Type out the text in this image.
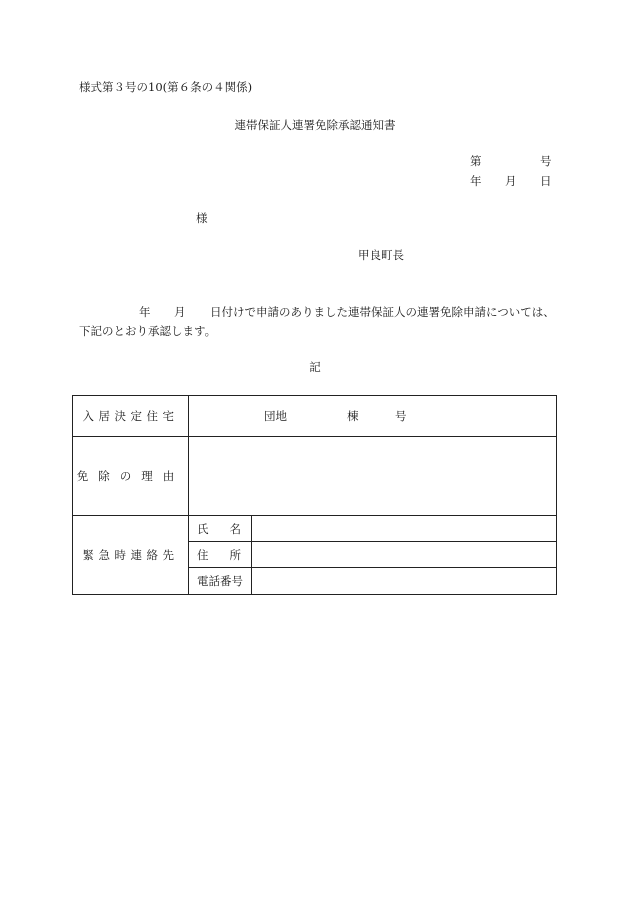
様式第３号の10(第６条の４関係)
連帯保証人連署免除承認通知書
第	号
年 月 日
様
甲良町長
年 月 日付けで申請のありました連帯保証人の連署免除申請については、
下記のとおり承認します。
記
入居決定住宅	団地 棟 号	

免除の理由		
緊急時連絡先	氏 名	

	住 所	

	電話番号	
